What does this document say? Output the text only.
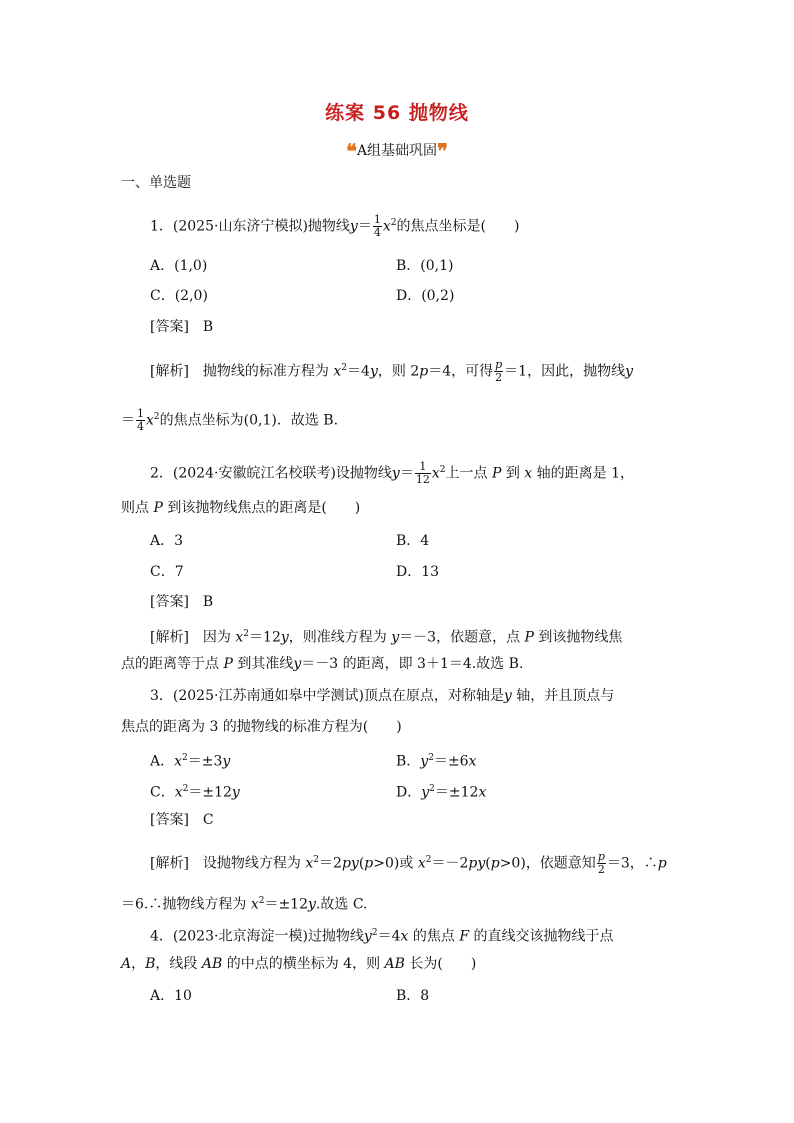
练案 56 抛物线
❝A组基础巩固❞
一、单选题
1．(2025·山东济宁模拟)抛物线$y= \frac{1}{4} x^2$的焦点坐标是(　　)
A．(1,0)	B．(0,1)
C．(2,0)	D．(0,2)
[答案]　B
[解析]　抛物线的标准方程为 $x^2=4y$，则 2p＝4，可得 $\frac{p}{2} =1$，因此，抛物线y
＝ $\frac{1}{4} x^2$的焦点坐标为(0,1)．故选 B.
2．(2024·安徽皖江名校联考)设抛物线$y= \frac{1}{12} x^2$上一点 P 到 x 轴的距离是 1，
则点 P 到该抛物线焦点的距离是(　　)
A．3	B．4
C．7	D．13
[答案]　B
[解析]　因为 $x^2=12y$，则准线方程为 y＝－3，依题意，点 P 到该抛物线焦
点的距离等于点 P 到其准线y＝－3 的距离，即 3＋1＝4.故选 B.
3．(2025·江苏南通如皋中学测试)顶点在原点，对称轴是y 轴，并且顶点与
焦点的距离为 3 的抛物线的标准方程为(　　)
A．$x^2=\pm 3y$	B．$y^2=\pm 6x$
C．$x^2=\pm 12y$	D．$y^2=\pm 12x$
[答案]　C
[解析]　设抛物线方程为 $x^2=2py(p>0)$或 $x^2=-2py(p>0)$，依题意知 $\frac{p}{2} =3$，∴p
＝6.∴抛物线方程为 $x^2=\pm 12y$.故选 C.
4．(2023·北京海淀一模)过抛物线$y^2=4x$ 的焦点 F 的直线交该抛物线于点
A，B，线段 AB 的中点的横坐标为 4，则 AB 长为(　　)
A．10	B．8
